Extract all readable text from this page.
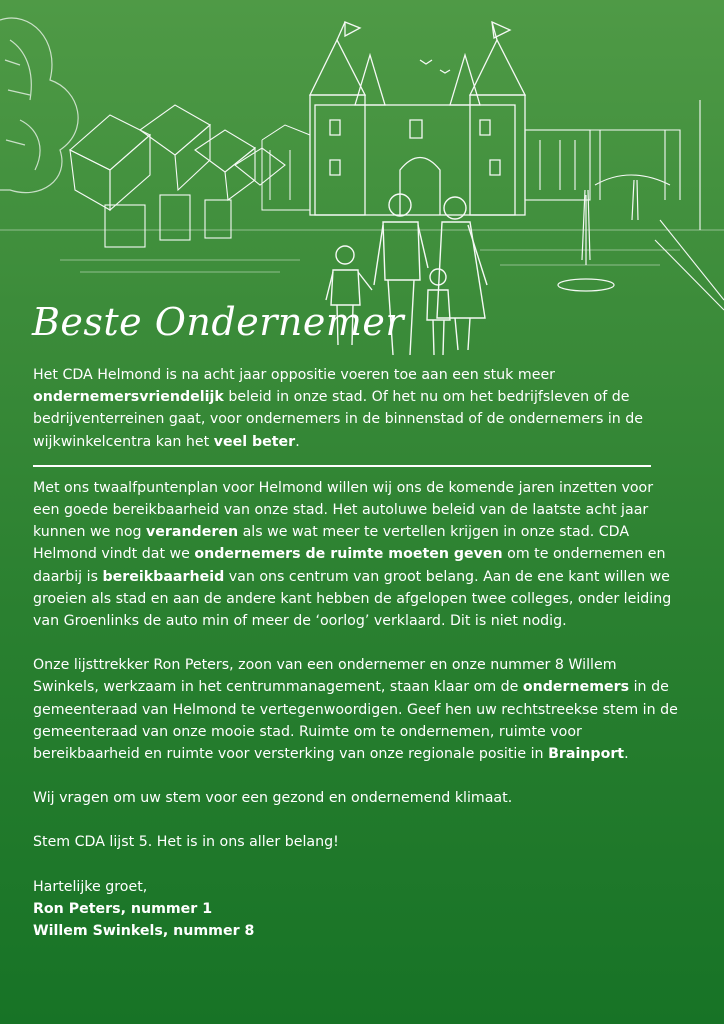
Beste Ondernemer

Het CDA Helmond is na acht jaar oppositie voeren toe aan een stuk meer ondernemersvriendelijk beleid in onze stad. Of het nu om het bedrijfsleven of de bedrijventerreinen gaat, voor ondernemers in de binnenstad of de ondernemers in de wijkwinkelcentra kan het veel beter.

Met ons twaalfpuntenplan voor Helmond willen wij ons de komende jaren inzetten voor een goede bereikbaarheid van onze stad. Het autoluwe beleid van de laatste acht jaar kunnen we nog veranderen als we wat meer te vertellen krijgen in onze stad. CDA Helmond vindt dat we ondernemers de ruimte moeten geven om te ondernemen en daarbij is bereikbaarheid van ons centrum van groot belang. Aan de ene kant willen we groeien als stad en aan de andere kant hebben de afgelopen twee colleges, onder leiding van Groenlinks de auto min of meer de ‘oorlog’ verklaard. Dit is niet nodig.

Onze lijsttrekker Ron Peters, zoon van een ondernemer en onze nummer 8 Willem Swinkels, werkzaam in het centrummanagement, staan klaar om de ondernemers in de gemeenteraad van Helmond te vertegenwoordigen. Geef hen uw rechtstreekse stem in de gemeenteraad van onze mooie stad. Ruimte om te ondernemen, ruimte voor bereikbaarheid en ruimte voor versterking van onze regionale positie in Brainport.

Wij vragen om uw stem voor een gezond en ondernemend klimaat.

Stem CDA lijst 5. Het is in ons aller belang!

Hartelijke groet,

Ron Peters, nummer 1

Willem Swinkels, nummer 8
